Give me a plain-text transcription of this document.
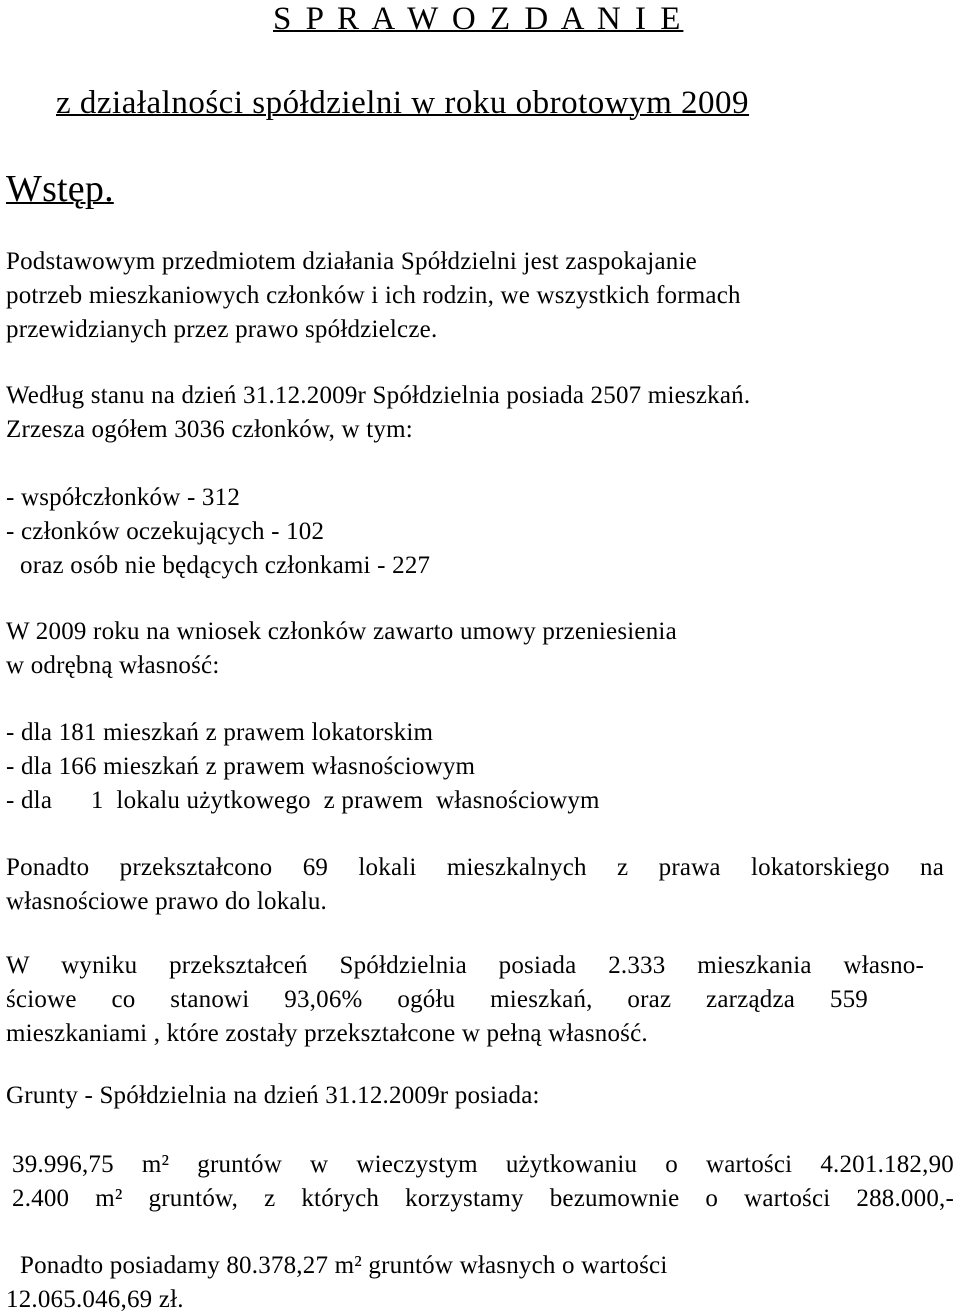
S P R A W O Z D A N I E
z działalności spółdzielni w roku obrotowym 2009
Wstęp.
Podstawowym przedmiotem działania Spółdzielni jest zaspokajanie
potrzeb mieszkaniowych członków i ich rodzin, we wszystkich formach
przewidzianych przez prawo spółdzielcze.
Według stanu na dzień 31.12.2009r Spółdzielnia posiada 2507 mieszkań.
Zrzesza ogółem 3036 członków, w tym:
- współczłonków - 312
- członków oczekujących - 102
oraz osób nie będących członkami - 227
W 2009 roku na wniosek członków zawarto umowy przeniesienia
w odrębną własność:
- dla 181 mieszkań z prawem lokatorskim
- dla 166 mieszkań z prawem własnościowym
- dla      1  lokalu użytkowego  z prawem  własnościowym
Ponadto przekształcono 69 lokali mieszkalnych z prawa lokatorskiego na
własnościowe prawo do lokalu.
W wyniku przekształceń Spółdzielnia posiada 2.333 mieszkania własno-
ściowe co stanowi 93,06% ogółu mieszkań, oraz zarządza 559
mieszkaniami , które zostały przekształcone w pełną własność.
Grunty - Spółdzielnia na dzień 31.12.2009r posiada:
39.996,75 m² gruntów w wieczystym użytkowaniu o wartości 4.201.182,90
2.400 m² gruntów, z których korzystamy bezumownie o wartości 288.000,-
Ponadto posiadamy 80.378,27 m² gruntów własnych o wartości
12.065.046,69 zł.
